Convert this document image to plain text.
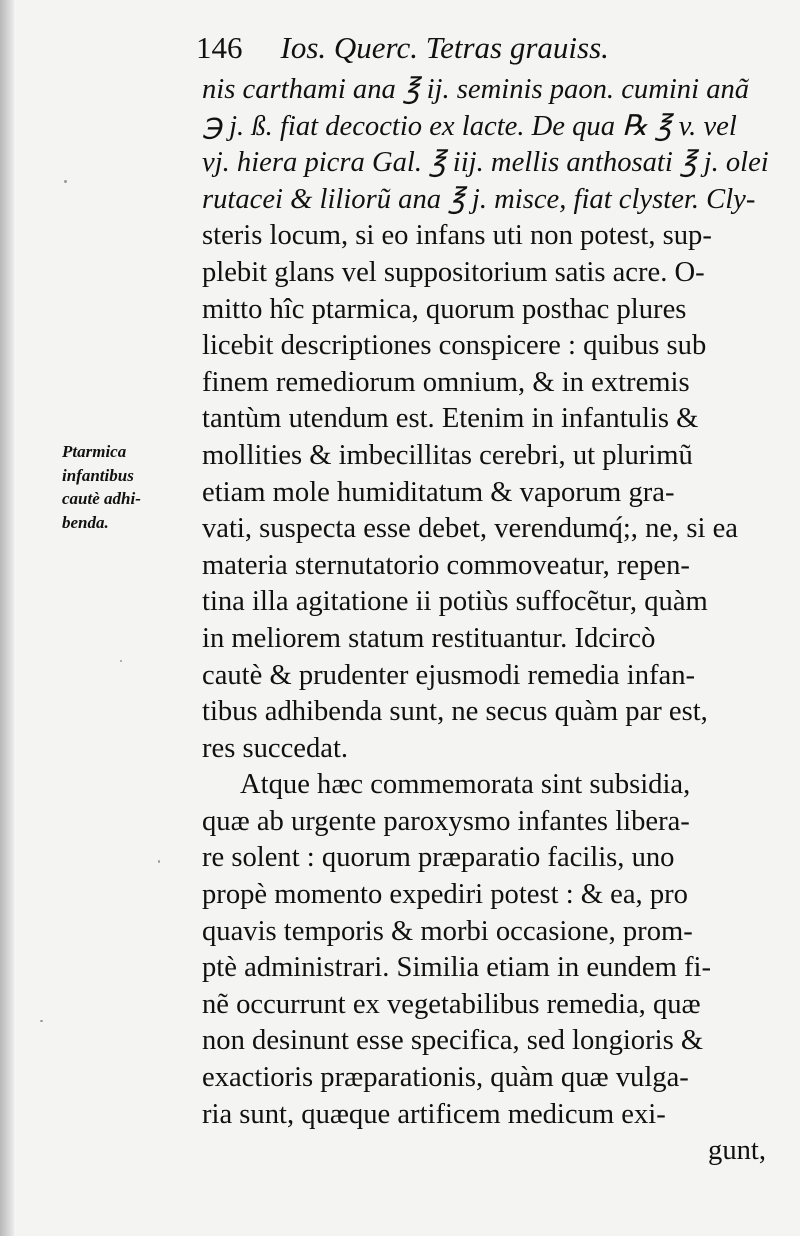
146 Ios. Querc. Tetras grauiss.
Ptarmica
infantibus
cautè adhi-
benda.
nis carthami ana ℥ ij. seminis paon. cumini anã
℈ j. ß. fiat decoctio ex lacte. De qua ℞ ℥ v. vel
vj. hiera picra Gal. ℥ iij. mellis anthosati ℥ j. olei
rutacei & liliorũ ana ℥ j. misce, fiat clyster. Cly-
steris locum, si eo infans uti non potest, sup-
plebit glans vel suppositorium satis acre. O-
mitto hîc ptarmica, quorum posthac plures
licebit descriptiones conspicere : quibus sub
finem remediorum omnium, & in extremis
tantùm utendum est. Etenim in infantulis &
mollities & imbecillitas cerebri, ut plurimũ
etiam mole humiditatum & vaporum gra-
vati, suspecta esse debet, verendumq́;, ne, si ea
materia sternutatorio commoveatur, repen-
tina illa agitatione ii potiùs suffocẽtur, quàm
in meliorem statum restituantur. Idcircò
cautè & prudenter ejusmodi remedia infan-
tibus adhibenda sunt, ne secus quàm par est,
res succedat.
Atque hæc commemorata sint subsidia,
quæ ab urgente paroxysmo infantes libera-
re solent : quorum præparatio facilis, uno
propè momento expediri potest : & ea, pro
quavis temporis & morbi occasione, prom-
ptè administrari. Similia etiam in eundem fi-
nẽ occurrunt ex vegetabilibus remedia, quæ
non desinunt esse specifica, sed longioris &
exactioris præparationis, quàm quæ vulga-
ria sunt, quæque artificem medicum exi-
gunt,
